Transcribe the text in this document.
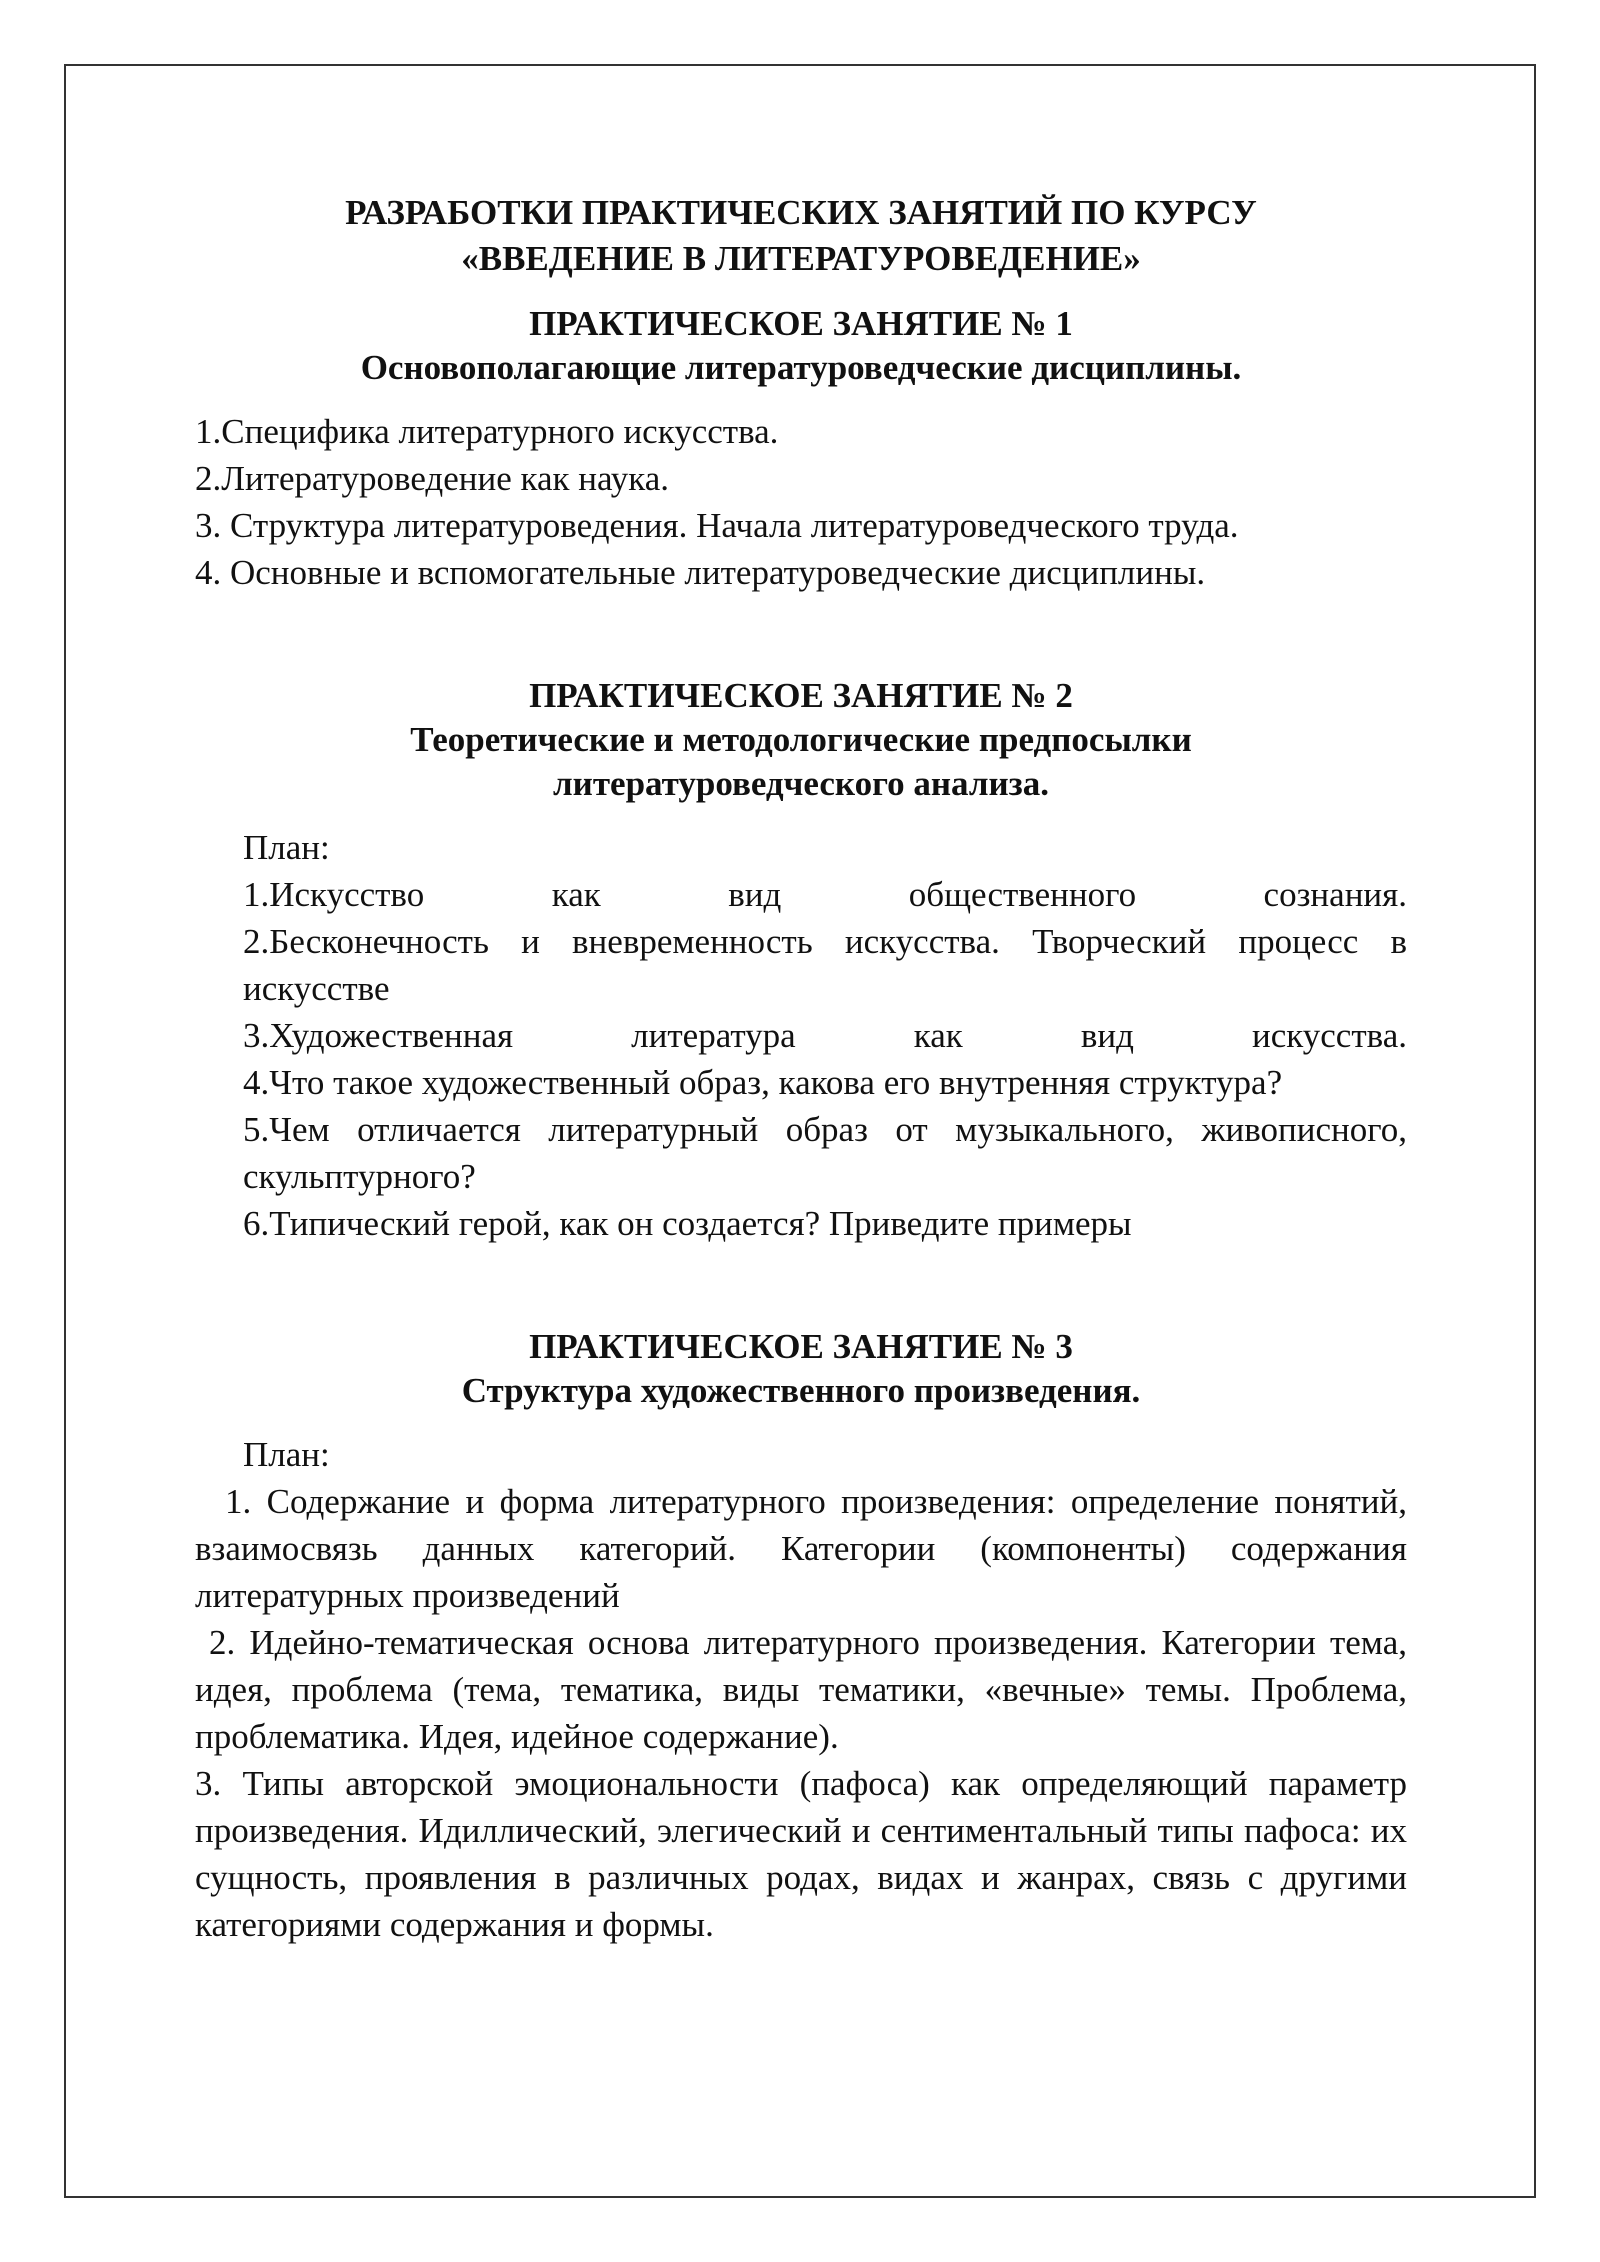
РАЗРАБОТКИ ПРАКТИЧЕСКИХ ЗАНЯТИЙ ПО КУРСУ

«ВВЕДЕНИЕ В ЛИТЕРАТУРОВЕДЕНИЕ»

ПРАКТИЧЕСКОЕ ЗАНЯТИЕ № 1

Основополагающие литературоведческие дисциплины.

1.Специфика литературного искусства.

2.Литературоведение как наука.

3. Структура литературоведения. Начала литературоведческого труда.

4. Основные и вспомогательные литературоведческие дисциплины.

ПРАКТИЧЕСКОЕ ЗАНЯТИЕ № 2

Теоретические и методологические предпосылки

литературоведческого анализа.

План:

1.Искусство как вид общественного сознания.

2.Бесконечность и вневременность искусства. Творческий процесс в искусстве

3.Художественная литература как вид искусства.

4.Что такое художественный образ, какова его внутренняя структура?

5.Чем отличается литературный образ от музыкального, живописного, скульптурного?

6.Типический герой, как он создается? Приведите примеры

ПРАКТИЧЕСКОЕ ЗАНЯТИЕ № 3

Структура художественного произведения.

План:

1. Содержание и форма литературного произведения: определение понятий, взаимосвязь данных категорий. Категории (компоненты) содержания литературных произведений

2. Идейно-тематическая основа литературного произведения. Категории тема, идея, проблема (тема, тематика, виды тематики, «вечные» темы. Проблема, проблематика. Идея, идейное содержание).

3. Типы авторской эмоциональности (пафоса) как определяющий параметр произведения. Идиллический, элегический и сентиментальный типы пафоса: их сущность, проявления в различных родах, видах и жанрах, связь с другими категориями содержания и формы.
